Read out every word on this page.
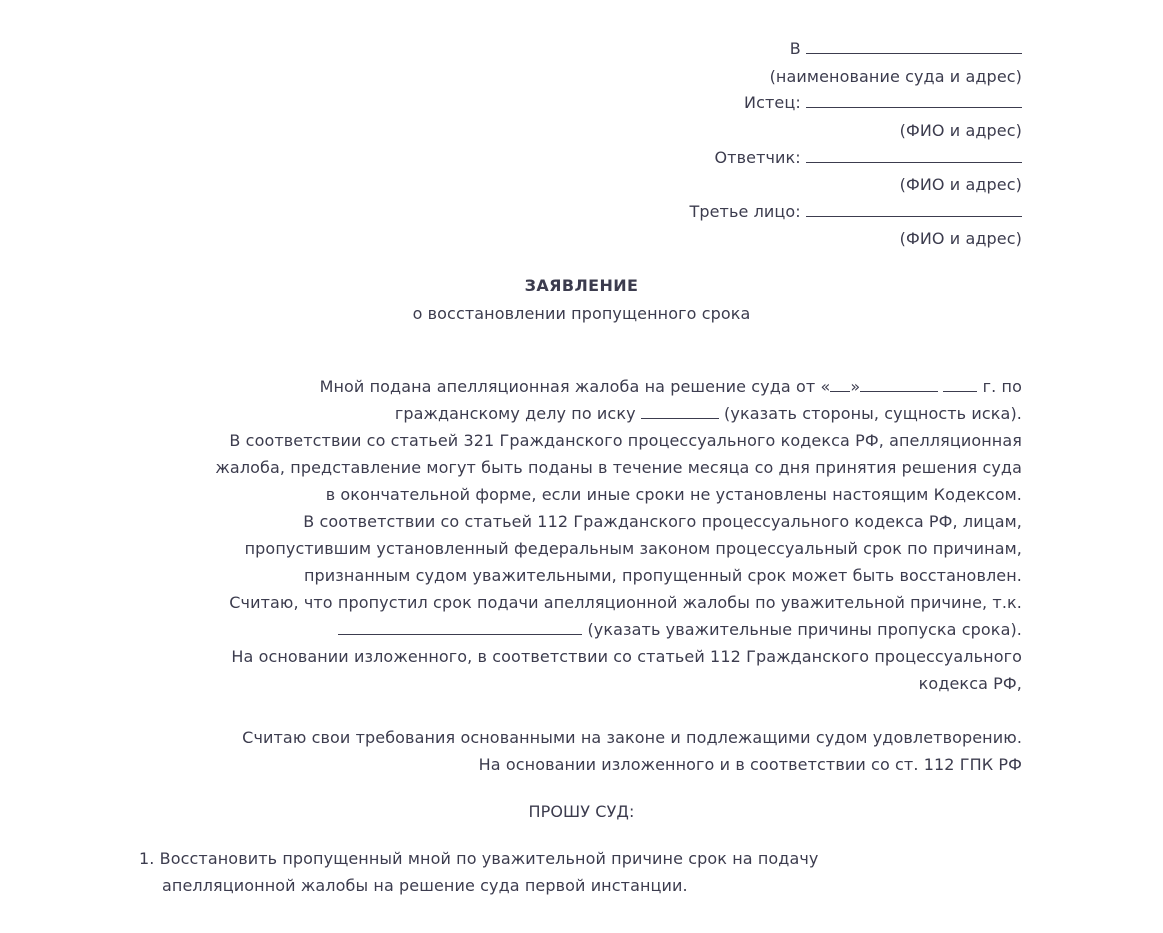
В
(наименование суда и адрес)
Истец:
(ФИО и адрес)
Ответчик:
(ФИО и адрес)
Третье лицо:
(ФИО и адрес)
ЗАЯВЛЕНИЕ
о восстановлении пропущенного срока
Мной подана апелляционная жалоба на решение суда от « »	г. по
гражданскому делу по иску	(указать стороны, сущность иска).
В соответствии со статьей 321 Гражданского процессуального кодекса РФ, апелляционная
жалоба, представление могут быть поданы в течение месяца со дня принятия решения суда
в окончательной форме, если иные сроки не установлены настоящим Кодексом.
В соответствии со статьей 112 Гражданского процессуального кодекса РФ, лицам,
пропустившим установленный федеральным законом процессуальный срок по причинам,
признанным судом уважительными, пропущенный срок может быть восстановлен.
Считаю, что пропустил срок подачи апелляционной жалобы по уважительной причине, т.к.
(указать уважительные причины пропуска срока).
На основании изложенного, в соответствии со статьей 112 Гражданского процессуального
кодекса РФ,
Считаю свои требования основанными на законе и подлежащими судом удовлетворению.
На основании изложенного и в соответствии со ст. 112 ГПК РФ
ПРОШУ СУД:
1. Восстановить пропущенный мной по уважительной причине срок на подачу
апелляционной жалобы на решение суда первой инстанции.
